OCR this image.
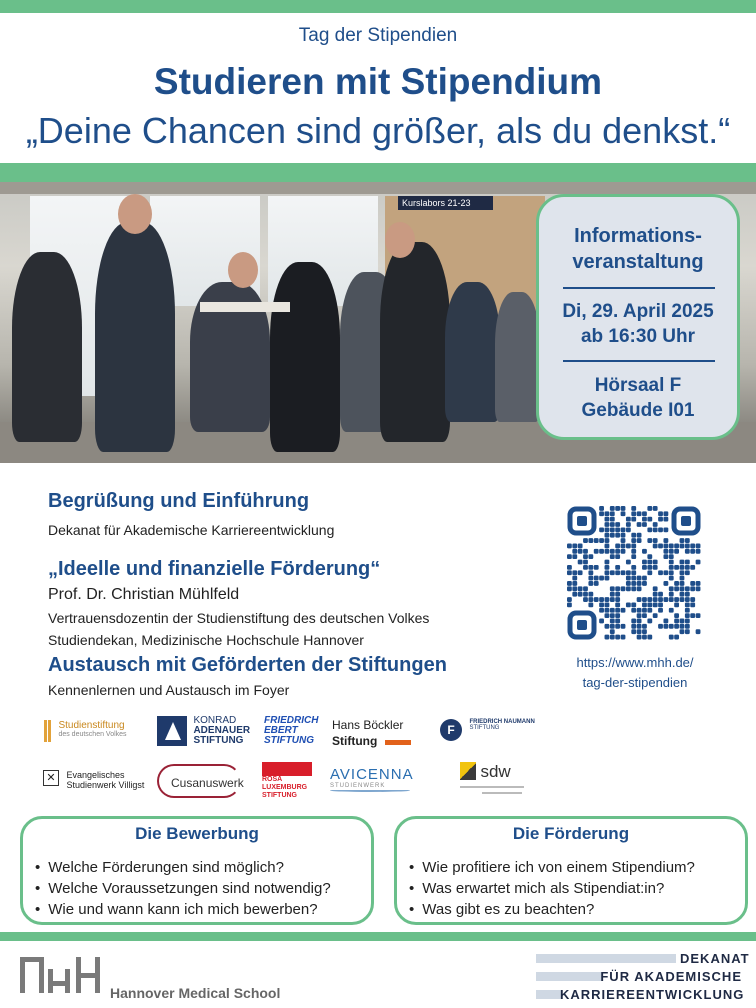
Tag der Stipendien
Studieren mit Stipendium
„Deine Chancen sind größer, als du denkst.“
Kurslabors 21-23
Informations-
veranstaltung
Di, 29. April 2025
ab 16:30 Uhr
Hörsaal F
Gebäude I01
Begrüßung und Einführung
Dekanat für Akademische Karriereentwicklung
„Ideelle und finanzielle Förderung“
Prof. Dr. Christian Mühlfeld
Vertrauensdozentin der Studienstiftung des deutschen Volkes
Studiendekan, Medizinische Hochschule Hannover
Austausch mit Geförderten der Stiftungen
Kennenlernen und Austausch im Foyer
https://www.mhh.de/
tag-der-stipendien

Studienstiftung
des deutschen Volkes

KONRAD
ADENAUER
STIFTUNG
FRIEDRICH
EBERT
STIFTUNG
Hans Böckler
Stiftung
F
FRIEDRICH NAUMANN
STIFTUNG
✕ Evangelisches
Studienwerk Villigst	Cusanuswerk	ROSA
LUXEMBURG
STIFTUNG
AVICENNA
STUDIENWERK
sdw
Die Bewerbung
• Welche Förderungen sind möglich?
• Welche Voraussetzungen sind notwendig?
• Wie und wann kann ich mich bewerben?
Die Förderung
• Wie profitiere ich von einem Stipendium?
• Was erwartet mich als Stipendiat:in?
• Was gibt es zu beachten?
Hannover Medical School
DEKANAT
FÜR AKADEMISCHE
KARRIEREENTWICKLUNG
